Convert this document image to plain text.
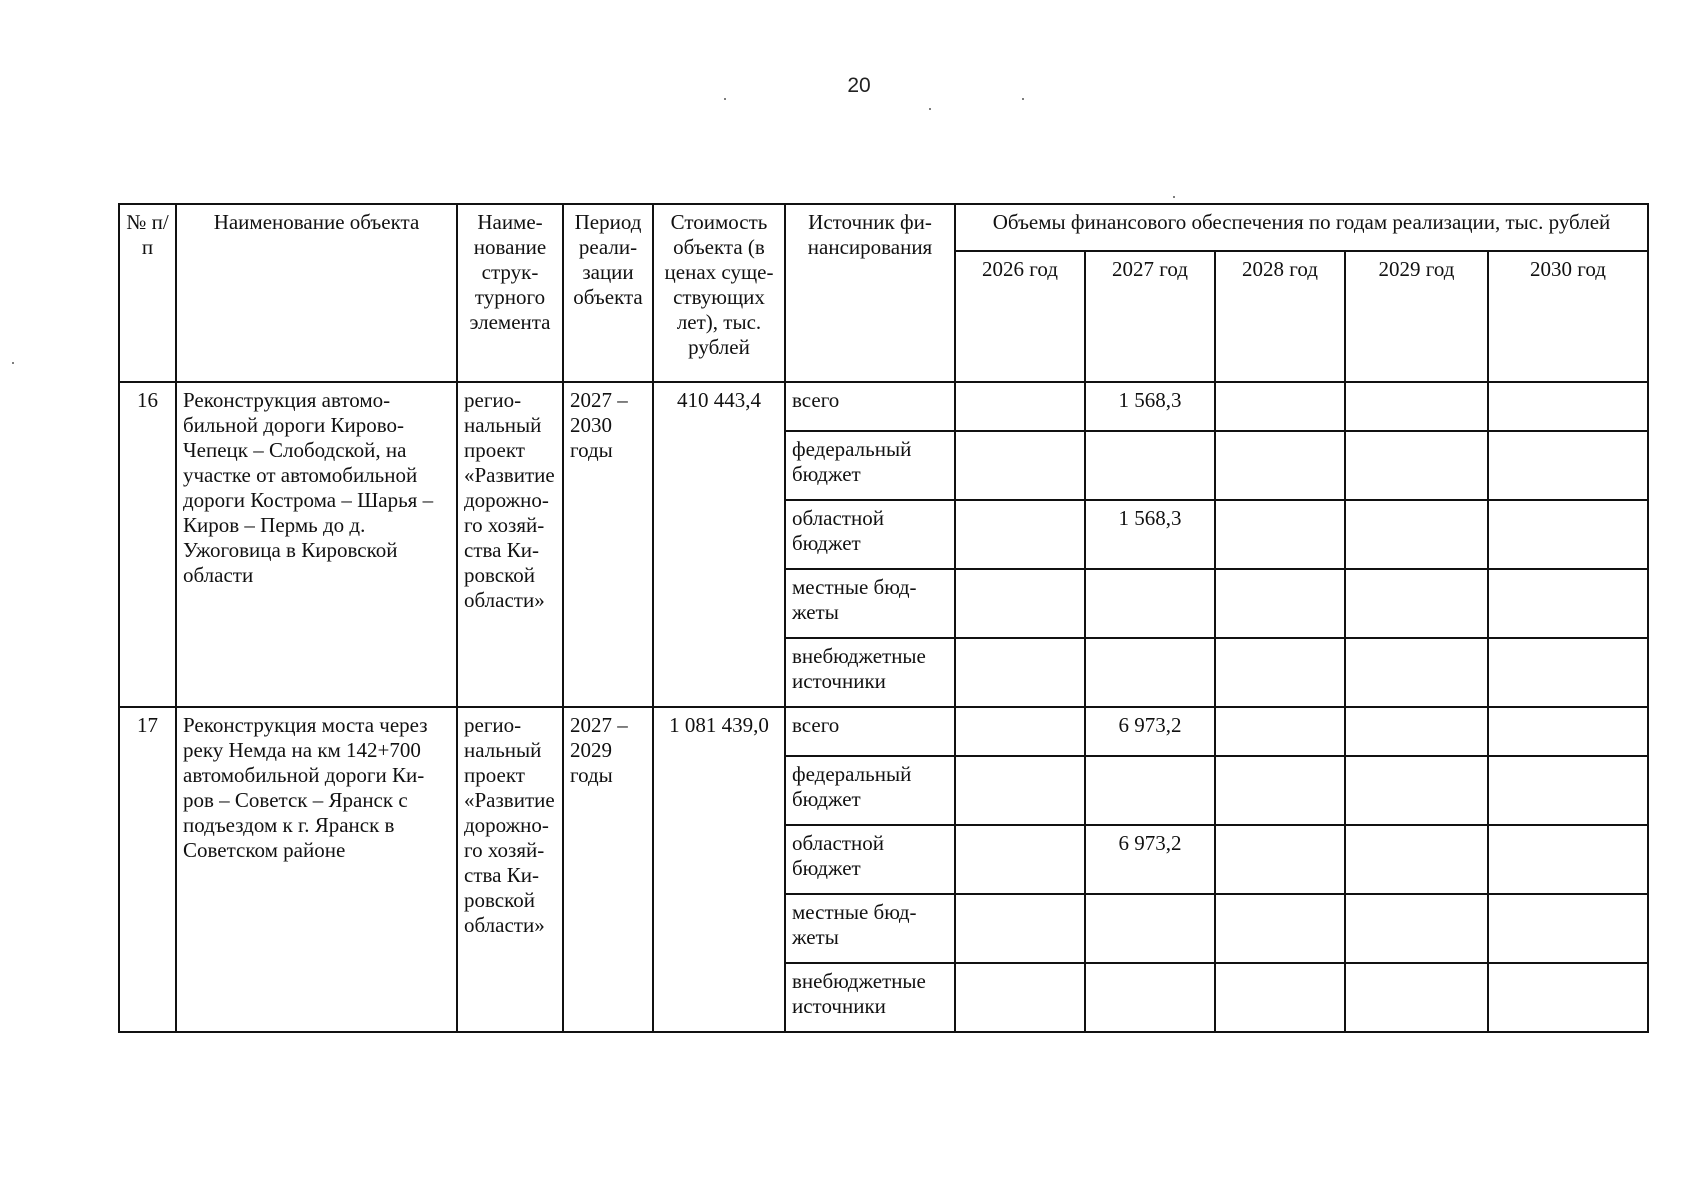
20
№ п/п	Наименование объекта	Наиме-нование струк-турного элемента	Период реали-зации объекта	Стоимость объекта (в ценах суще-ствующих лет), тыс. рублей	Источник фи-нансирования	Объемы финансового обеспечения по годам реализации, тыс. рублей				
						2026 год	2027 год	2028 год	2029 год	2030 год
16	Реконструкция автомо-бильной дороги Кирово-Чепецк – Слободской, на участке от автомобильной дороги Кострома – Шарья – Киров – Пермь до д. Ужоговица в Кировской области	регио-нальный проект «Развитие дорожно-го хозяй-ства Ки-ровской области»	2027 – 2030 годы	410 443,4	всего		1 568,3			
					федеральный бюджет					
					областной бюджет		1 568,3			
					местные бюд-жеты					
					внебюджетные источники					
17	Реконструкция моста через реку Немда на км 142+700 автомобильной дороги Ки-ров – Советск – Яранск с подъездом к г. Яранск в Советском районе	регио-нальный проект «Развитие дорожно-го хозяй-ства Ки-ровской области»	2027 – 2029 годы	1 081 439,0	всего		6 973,2			
					федеральный бюджет					
					областной бюджет		6 973,2			
					местные бюд-жеты					
					внебюджетные источники					
